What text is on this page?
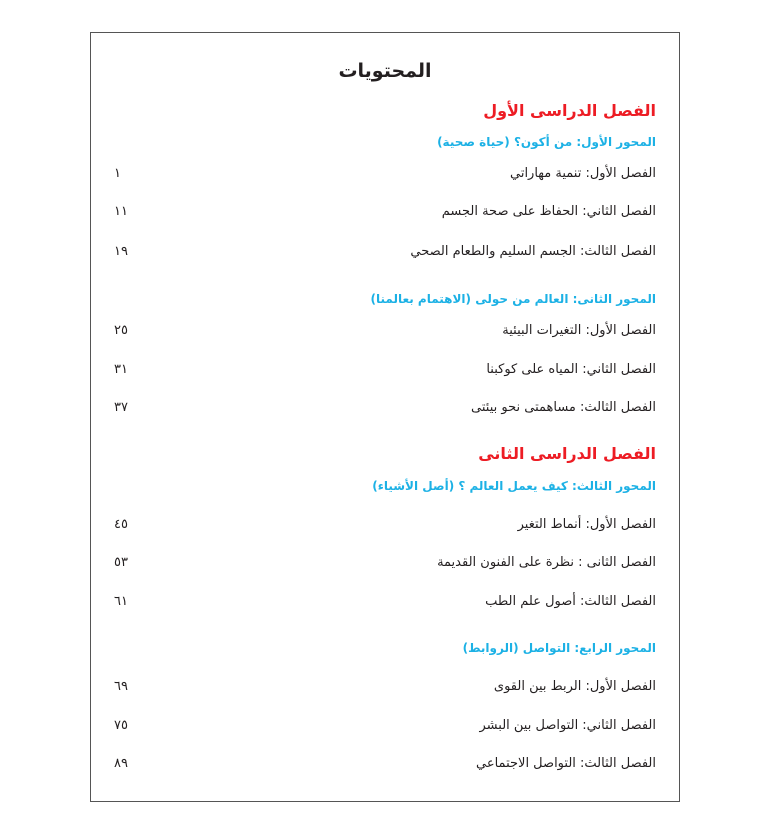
المحتويات
الفصل الدراسى الأول
المحور الأول: من أكون؟ (حياة صحية)
١	الفصل الأول: تنمية مهاراتي
١١	الفصل الثاني: الحفاظ على صحة الجسم
١٩	الفصل الثالث: الجسم السليم والطعام الصحي
المحور الثانى: العالم من حولى (الاهتمام بعالمنا)
٢٥	الفصل الأول: التغيرات البيئية
٣١	الفصل الثاني: المياه على كوكبنا
٣٧	الفصل الثالث: مساهمتى نحو بيئتى
الفصل الدراسى الثانى
المحور الثالث: كيف يعمل العالم ؟ (أصل الأشياء)
٤٥	الفصل الأول: أنماط التغير
٥٣	الفصل الثانى : نظرة على الفنون القديمة
٦١	الفصل الثالث: أصول علم الطب
المحور الرابع: التواصل (الروابط)
٦٩	الفصل الأول: الربط بين القوى
٧٥	الفصل الثاني: التواصل بين البشر
٨٩	الفصل الثالث: التواصل الاجتماعي
